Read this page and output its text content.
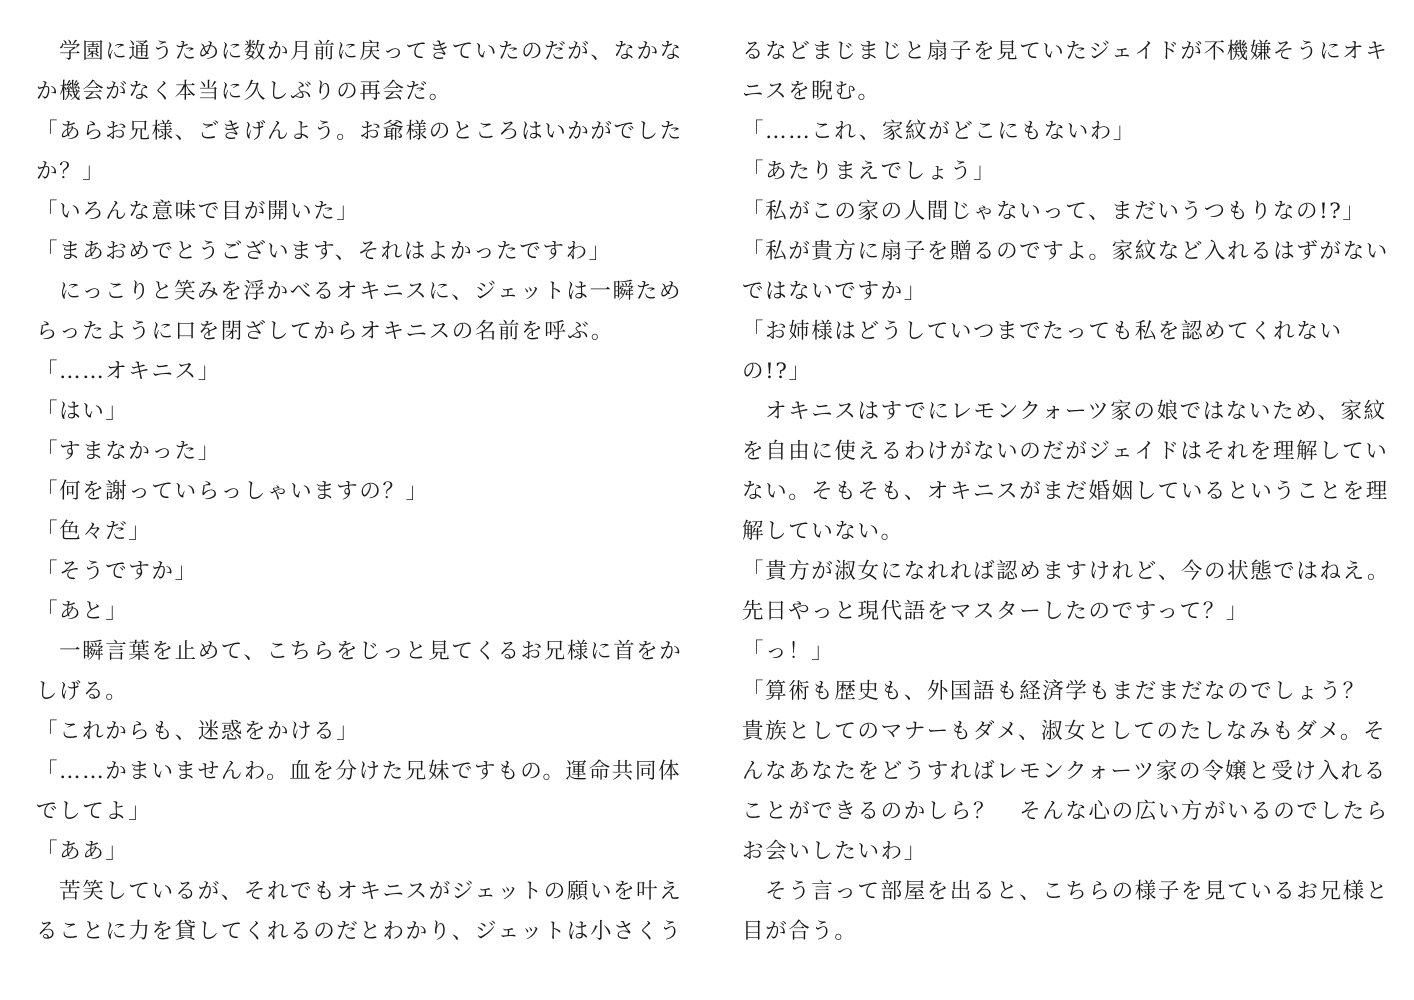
　学園に通うために数か月前に戻ってきていたのだが、なかな
か機会がなく本当に久しぶりの再会だ。
「あらお兄様、ごきげんよう。お爺様のところはいかがでした
か？」
「いろんな意味で目が開いた」
「まあおめでとうございます、それはよかったですわ」
　にっこりと笑みを浮かべるオキニスに、ジェットは一瞬ため
らったように口を閉ざしてからオキニスの名前を呼ぶ。
「……オキニス」
「はい」
「すまなかった」
「何を謝っていらっしゃいますの？」
「色々だ」
「そうですか」
「あと」
　一瞬言葉を止めて、こちらをじっと見てくるお兄様に首をか
しげる。
「これからも、迷惑をかける」
「……かまいませんわ。血を分けた兄妹ですもの。運命共同体
でしてよ」
「ああ」
　苦笑しているが、それでもオキニスがジェットの願いを叶え
ることに力を貸してくれるのだとわかり、ジェットは小さくう
るなどまじまじと扇子を見ていたジェイドが不機嫌そうにオキ
ニスを睨む。
「……これ、家紋がどこにもないわ」
「あたりまえでしょう」
「私がこの家の人間じゃないって、まだいうつもりなの!?」
「私が貴方に扇子を贈るのですよ。家紋など入れるはずがない
ではないですか」
「お姉様はどうしていつまでたっても私を認めてくれない
の!?」
　オキニスはすでにレモンクォーツ家の娘ではないため、家紋
を自由に使えるわけがないのだがジェイドはそれを理解してい
ない。そもそも、オキニスがまだ婚姻しているということを理
解していない。
「貴方が淑女になれれば認めますけれど、今の状態ではねえ。
先日やっと現代語をマスターしたのですって？」
「っ！」
「算術も歴史も、外国語も経済学もまだまだなのでしょう？
貴族としてのマナーもダメ、淑女としてのたしなみもダメ。そ
んなあなたをどうすればレモンクォーツ家の令嬢と受け入れる
ことができるのかしら？　そんな心の広い方がいるのでしたら
お会いしたいわ」
　そう言って部屋を出ると、こちらの様子を見ているお兄様と
目が合う。
